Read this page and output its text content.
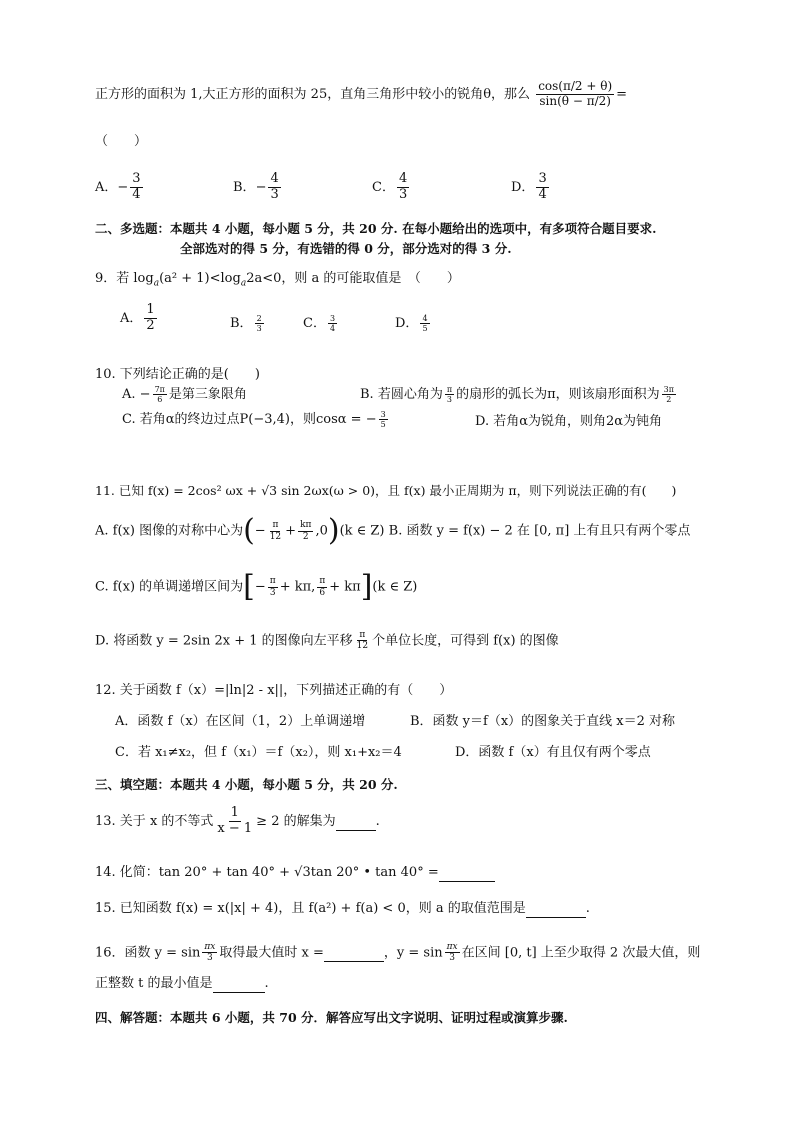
正方形的面积为 1,大正方形的面积为 25，直角三角形中较小的锐角θ，那么 $\frac{\cos(\pi/2 + \theta)}{\sin(\theta - \pi/2)}$ =
（　　）
A．− $\frac{3}{4}$	B．− $\frac{4}{3}$	C． $\frac{4}{3}$	D． $\frac{3}{4}$
二、多选题：本题共 4 小题，每小题 5 分，共 20 分. 在每小题给出的选项中，有多项符合题目要求.
全部选对的得 5 分，有选错的得 0 分，部分选对的得 3 分.
9．若 $\log_a(a^2 + 1)<\log_a2a<0$，则 a 的可能取值是　（　　）
A． $\frac{1}{2}$	B． $\frac{2}{3}$	C． $\frac{3}{4}$	D． $\frac{4}{5}$
10. 下列结论正确的是(　　)
A. − $\frac{7\pi}{6}$ 是第三象限角	B. 若圆心角为 $\frac{\pi}{3}$ 的扇形的弧长为π，则该扇形面积为 $\frac{3\pi}{2}$
C. 若角α的终边过点P(−3,4)，则cosα = − $\frac{3}{5}$	D. 若角α为锐角，则角2α为钝角
11. 已知 f(x) = 2cos² ωx + √3 sin 2ωx(ω > 0)，且 f(x) 最小正周期为 π，则下列说法正确的有(　　)
A. f(x) 图像的对称中心为(− $\frac{\pi}{12} + \frac{k\pi}{2} ,0)(k$ ∈ Z) B. 函数 y = f(x) − 2 在 [0, π] 上有且只有两个零点
C. f(x) 的单调递增区间为[− $\frac{\pi}{3} + k\pi$, $\frac{\pi}{6} + k\pi](k$ ∈ Z)
D. 将函数 y = 2sin 2x + 1 的图像向左平移 $\frac{\pi}{12}$ 个单位长度，可得到 f(x) 的图像
12. 关于函数 f（x）=|ln|2 - x||，下列描述正确的有（　　）
A．函数 f（x）在区间（1，2）上单调递增	B．函数 y＝f（x）的图象关于直线 x＝2 对称
C．若 x₁≠x₂，但 f（x₁）＝f（x₂），则 x₁+x₂＝4	D．函数 f（x）有且仅有两个零点
三、填空题：本题共 4 小题，每小题 5 分，共 20 分.
13. 关于 x 的不等式 $\frac{1}{x - 1} \ge 2$ 的解集为	.
14. 化简：tan 20° + tan 40° + √3tan 20° • tan 40° =
15. 已知函数 f(x) = x(|x| + 4)，且 f(a²) + f(a) < 0，则 a 的取值范围是	.
16．函数 $y = \sin \frac{\pi x}{3}$ 取得最大值时 x =	，$y = \sin \frac{\pi x}{3}$ 在区间 [0, t] 上至少取得 2 次最大值，则
正整数 t 的最小值是	.
四、解答题：本题共 6 小题，共 70 分．解答应写出文字说明、证明过程或演算步骤.
